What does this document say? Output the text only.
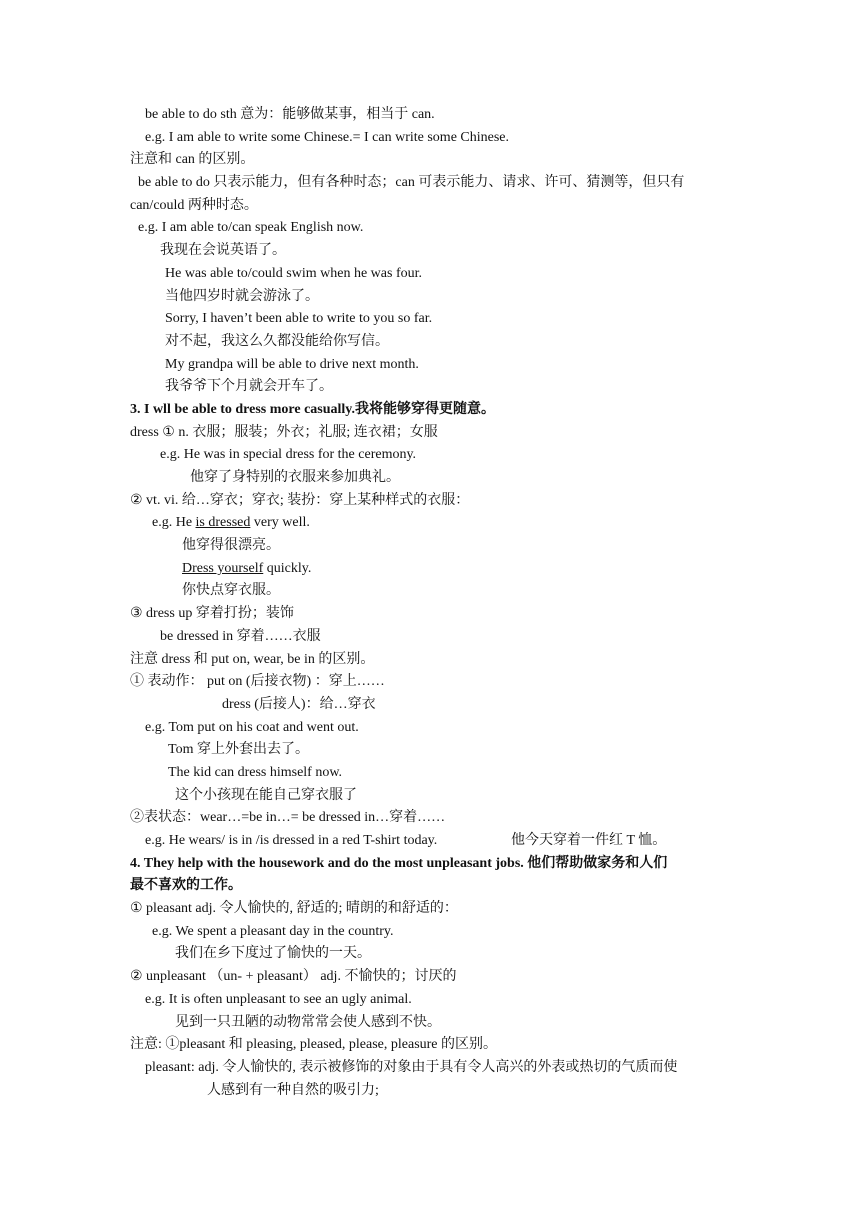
be able to do sth 意为：能够做某事，相当于 can.
e.g. I am able to write some Chinese.= I can write some Chinese.
注意和 can 的区别。
be able to do 只表示能力，但有各种时态；can 可表示能力、请求、许可、猜测等，但只有
can/could 两种时态。
e.g. I am able to/can speak English now.
我现在会说英语了。
He was able to/could swim when he was four.
当他四岁时就会游泳了。
Sorry, I haven’t been able to write to you so far.
对不起，我这么久都没能给你写信。
My grandpa will be able to drive next month.
我爷爷下个月就会开车了。
3. I wll be able to dress more casually.我将能够穿得更随意。
dress ① n. 衣服；服装；外衣；礼服; 连衣裙；女服
e.g. He was in special dress for the ceremony.
他穿了身特别的衣服来参加典礼。
② vt. vi. 给…穿衣；穿衣; 装扮：穿上某种样式的衣服：
e.g. He is dressed very well.
他穿得很漂亮。
Dress yourself quickly.
你快点穿衣服。
③ dress up 穿着打扮；装饰
be dressed in 穿着……衣服
注意 dress 和 put on, wear, be in 的区别。
① 表动作： put on (后接衣物) ：穿上……
dress (后接人)：给…穿衣
e.g. Tom put on his coat and went out.
Tom 穿上外套出去了。
The kid can dress himself now.
这个小孩现在能自己穿衣服了
②表状态：wear…=be in…= be dressed in…穿着……
e.g. He wears/ is in /is dressed in a red T-shirt today.	他今天穿着一件红 T 恤。
4. They help with the housework and do the most unpleasant jobs. 他们帮助做家务和人们
最不喜欢的工作。
① pleasant adj. 令人愉快的, 舒适的; 晴朗的和舒适的：
e.g. We spent a pleasant day in the country.
我们在乡下度过了愉快的一天。
② unpleasant （un- + pleasant） adj. 不愉快的；讨厌的
e.g. It is often unpleasant to see an ugly animal.
见到一只丑陋的动物常常会使人感到不快。
注意: ①pleasant 和 pleasing, pleased, please, pleasure 的区别。
pleasant: adj. 令人愉快的, 表示被修饰的对象由于具有令人高兴的外表或热切的气质而使
人感到有一种自然的吸引力;
